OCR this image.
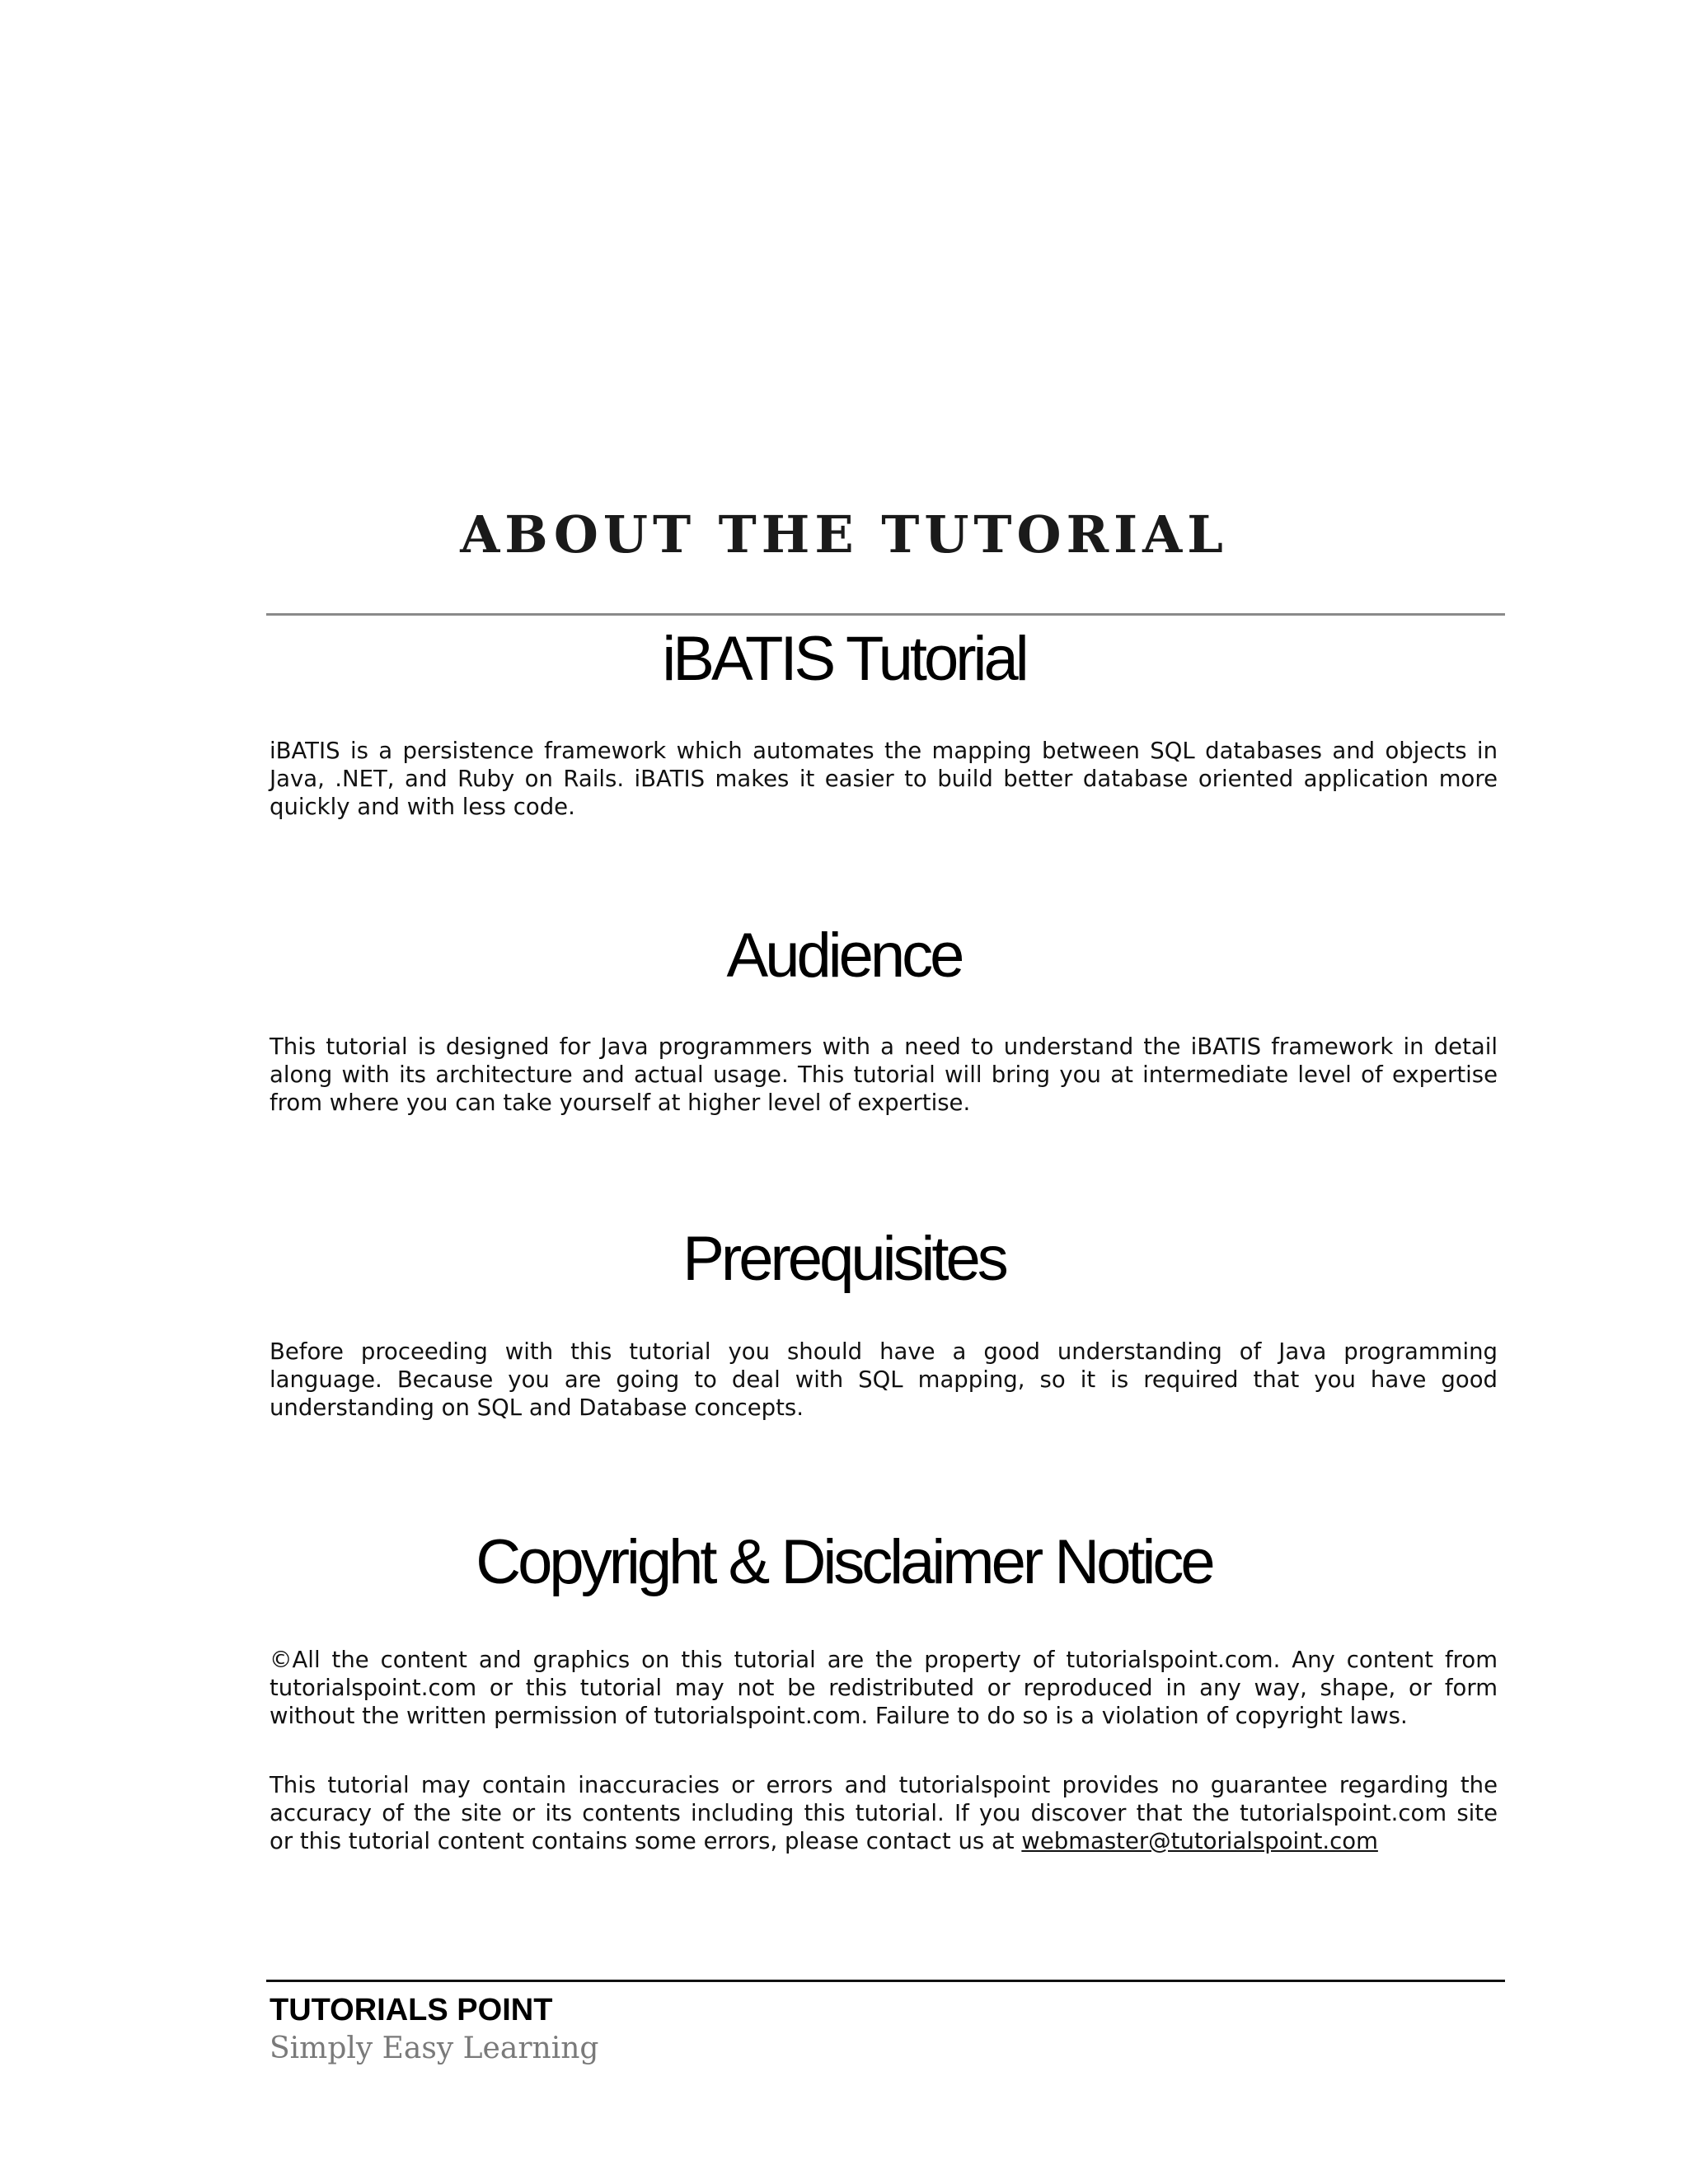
ABOUT THE TUTORIAL
iBATIS Tutorial
iBATIS is a persistence framework which automates the mapping between SQL databases and objects in
Java, .NET, and Ruby on Rails. iBATIS makes it easier to build better database oriented application more
quickly and with less code.
Audience
This tutorial is designed for Java programmers with a need to understand the iBATIS framework in detail
along with its architecture and actual usage. This tutorial will bring you at intermediate level of expertise
from where you can take yourself at higher level of expertise.
Prerequisites
Before proceeding with this tutorial you should have a good understanding of Java programming
language. Because you are going to deal with SQL mapping, so it is required that you have good
understanding on SQL and Database concepts.
Copyright & Disclaimer Notice
©All the content and graphics on this tutorial are the property of tutorialspoint.com. Any content from
tutorialspoint.com or this tutorial may not be redistributed or reproduced in any way, shape, or form
without the written permission of tutorialspoint.com. Failure to do so is a violation of copyright laws.
This tutorial may contain inaccuracies or errors and tutorialspoint provides no guarantee regarding the
accuracy of the site or its contents including this tutorial. If you discover that the tutorialspoint.com site
or this tutorial content contains some errors, please contact us at webmaster@tutorialspoint.com
TUTORIALS POINT
Simply Easy Learning
